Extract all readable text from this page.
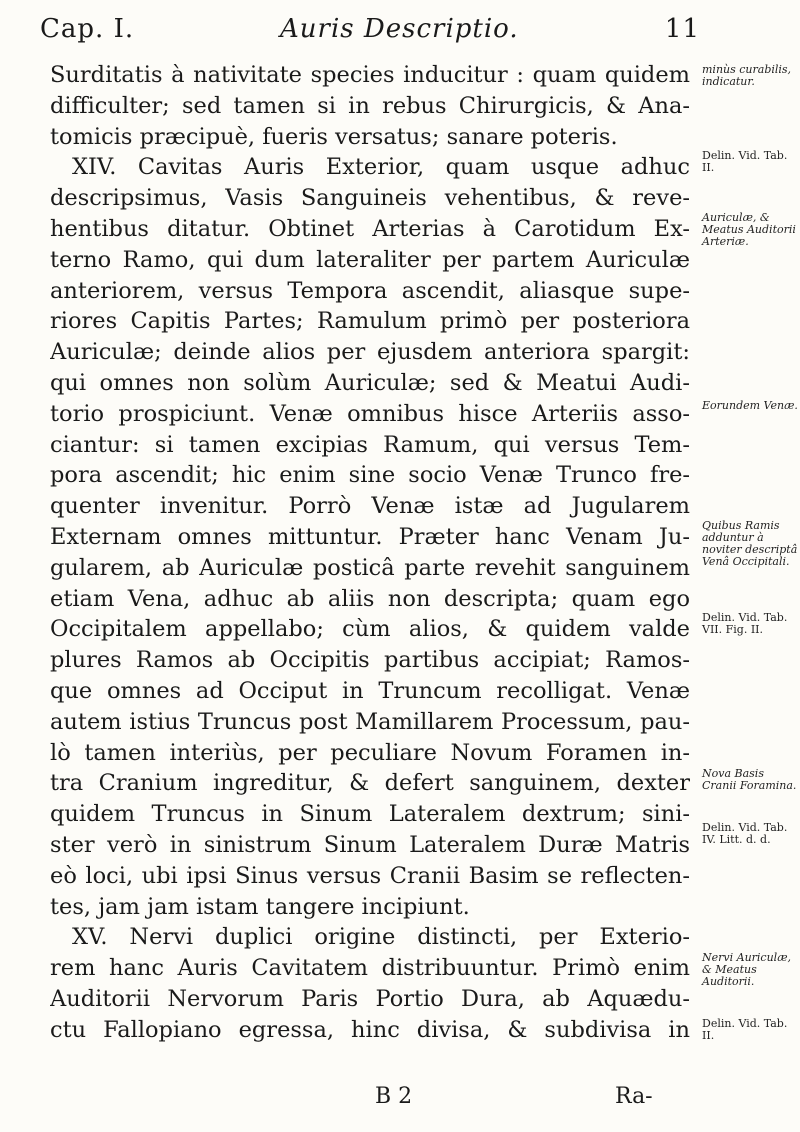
Cap. I.	Auris Descriptio.	11
Surditatis à nativitate species inducitur : quam quidem
difficulter; sed tamen si in rebus Chirurgicis, & Ana-
tomicis præcipuè, fueris versatus; sanare poteris.
XIV. Cavitas Auris Exterior, quam usque adhuc
descripsimus, Vasis Sanguineis vehentibus, & reve-
hentibus ditatur. Obtinet Arterias à Carotidum Ex-
terno Ramo, qui dum lateraliter per partem Auriculæ
anteriorem, versus Tempora ascendit, aliasque supe-
riores Capitis Partes; Ramulum primò per posteriora
Auriculæ; deinde alios per ejusdem anteriora spargit:
qui omnes non solùm Auriculæ; sed & Meatui Audi-
torio prospiciunt. Venæ omnibus hisce Arteriis asso-
ciantur: si tamen excipias Ramum, qui versus Tem-
pora ascendit; hic enim sine socio Venæ Trunco fre-
quenter invenitur. Porrò Venæ istæ ad Jugularem
Externam omnes mittuntur. Præter hanc Venam Ju-
gularem, ab Auriculæ posticâ parte revehit sanguinem
etiam Vena, adhuc ab aliis non descripta; quam ego
Occipitalem appellabo; cùm alios, & quidem valde
plures Ramos ab Occipitis partibus accipiat; Ramos-
que omnes ad Occiput in Truncum recolligat. Venæ
autem istius Truncus post Mamillarem Processum, pau-
lò tamen interiùs, per peculiare Novum Foramen in-
tra Cranium ingreditur, & defert sanguinem, dexter
quidem Truncus in Sinum Lateralem dextrum; sini-
ster verò in sinistrum Sinum Lateralem Duræ Matris
eò loci, ubi ipsi Sinus versus Cranii Basim se reflecten-
tes, jam jam istam tangere incipiunt.
XV. Nervi duplici origine distincti, per Exterio-
rem hanc Auris Cavitatem distribuuntur. Primò enim
Auditorii Nervorum Paris Portio Dura, ab Aquædu-
ctu Fallopiano egressa, hinc divisa, & subdivisa in
minùs curabilis, indicatur.
Delin. Vid. Tab. II.
Auriculæ, & Meatus Auditorii Arteriæ.
Eorundem Venæ.
Quibus Ramis adduntur à noviter descriptâ Venâ Occipitali.
Delin. Vid. Tab. VII. Fig. II.
Nova Basis Cranii Foramina.
Delin. Vid. Tab. IV. Litt. d. d.
Nervi Auriculæ, & Meatus Auditorii.
Delin. Vid. Tab. II.
B 2	Ra-
